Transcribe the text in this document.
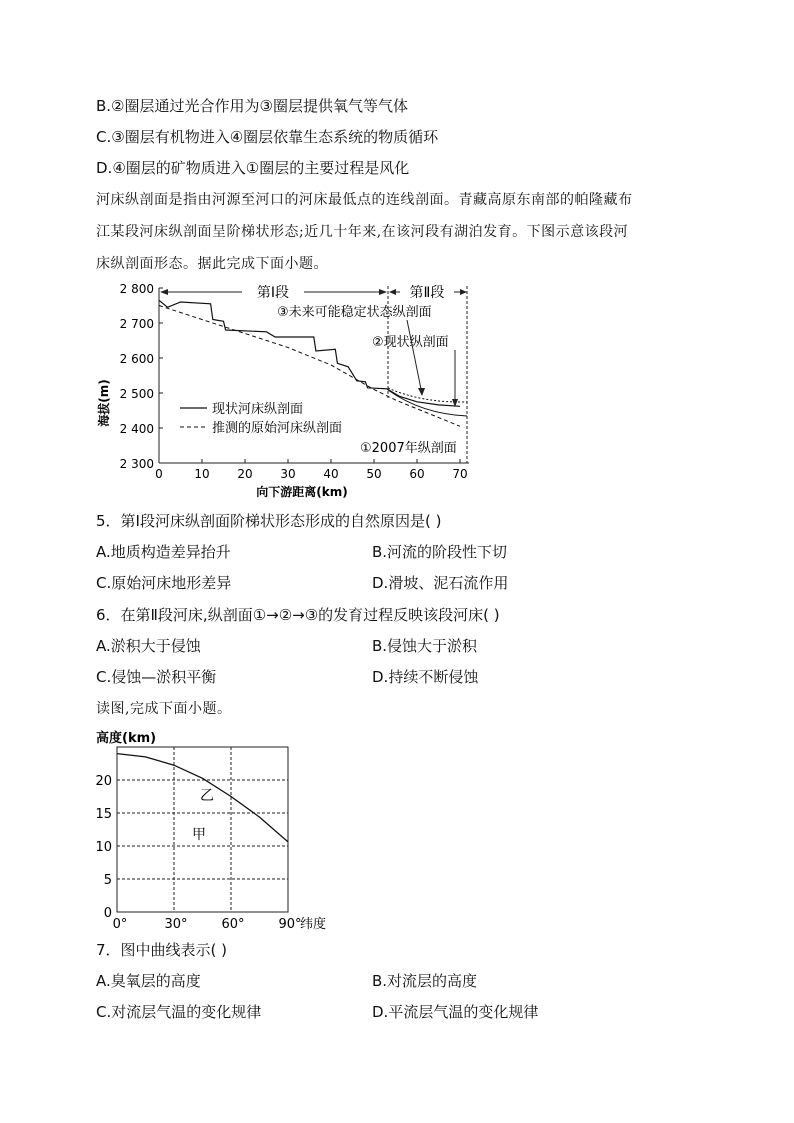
B.②圈层通过光合作用为③圈层提供氧气等气体
C.③圈层有机物进入④圈层依靠生态系统的物质循环
D.④圈层的矿物质进入①圈层的主要过程是风化
河床纵剖面是指由河源至河口的河床最低点的连线剖面。青藏高原东南部的帕隆藏布
江某段河床纵剖面呈阶梯状形态;近几十年来,在该河段有湖泊发育。下图示意该段河
床纵剖面形态。据此完成下面小题。
2 800
2 700
2 600
2 500
2 400
2 300
海拔(m)
0	10 20 30 40 50 60 70
向下游距离(km)
第Ⅰ段	第Ⅱ段
③未来可能稳定状态纵剖面
②现状纵剖面
①2007年纵剖面
现状河床纵剖面
推测的原始河床纵剖面
5．第Ⅰ段河床纵剖面阶梯状形态形成的自然原因是( )
A.地质构造差异抬升	B.河流的阶段性下切
C.原始河床地形差异	D.滑坡、泥石流作用
6．在第Ⅱ段河床,纵剖面①→②→③的发育过程反映该段河床( )
A.淤积大于侵蚀	B.侵蚀大于淤积
C.侵蚀—淤积平衡	D.持续不断侵蚀
读图,完成下面小题。
高度(km)
20
15
10
5
0
0°	30°	60°	90°
纬度
乙
甲
7．图中曲线表示( )
A.臭氧层的高度	B.对流层的高度
C.对流层气温的变化规律	D.平流层气温的变化规律
